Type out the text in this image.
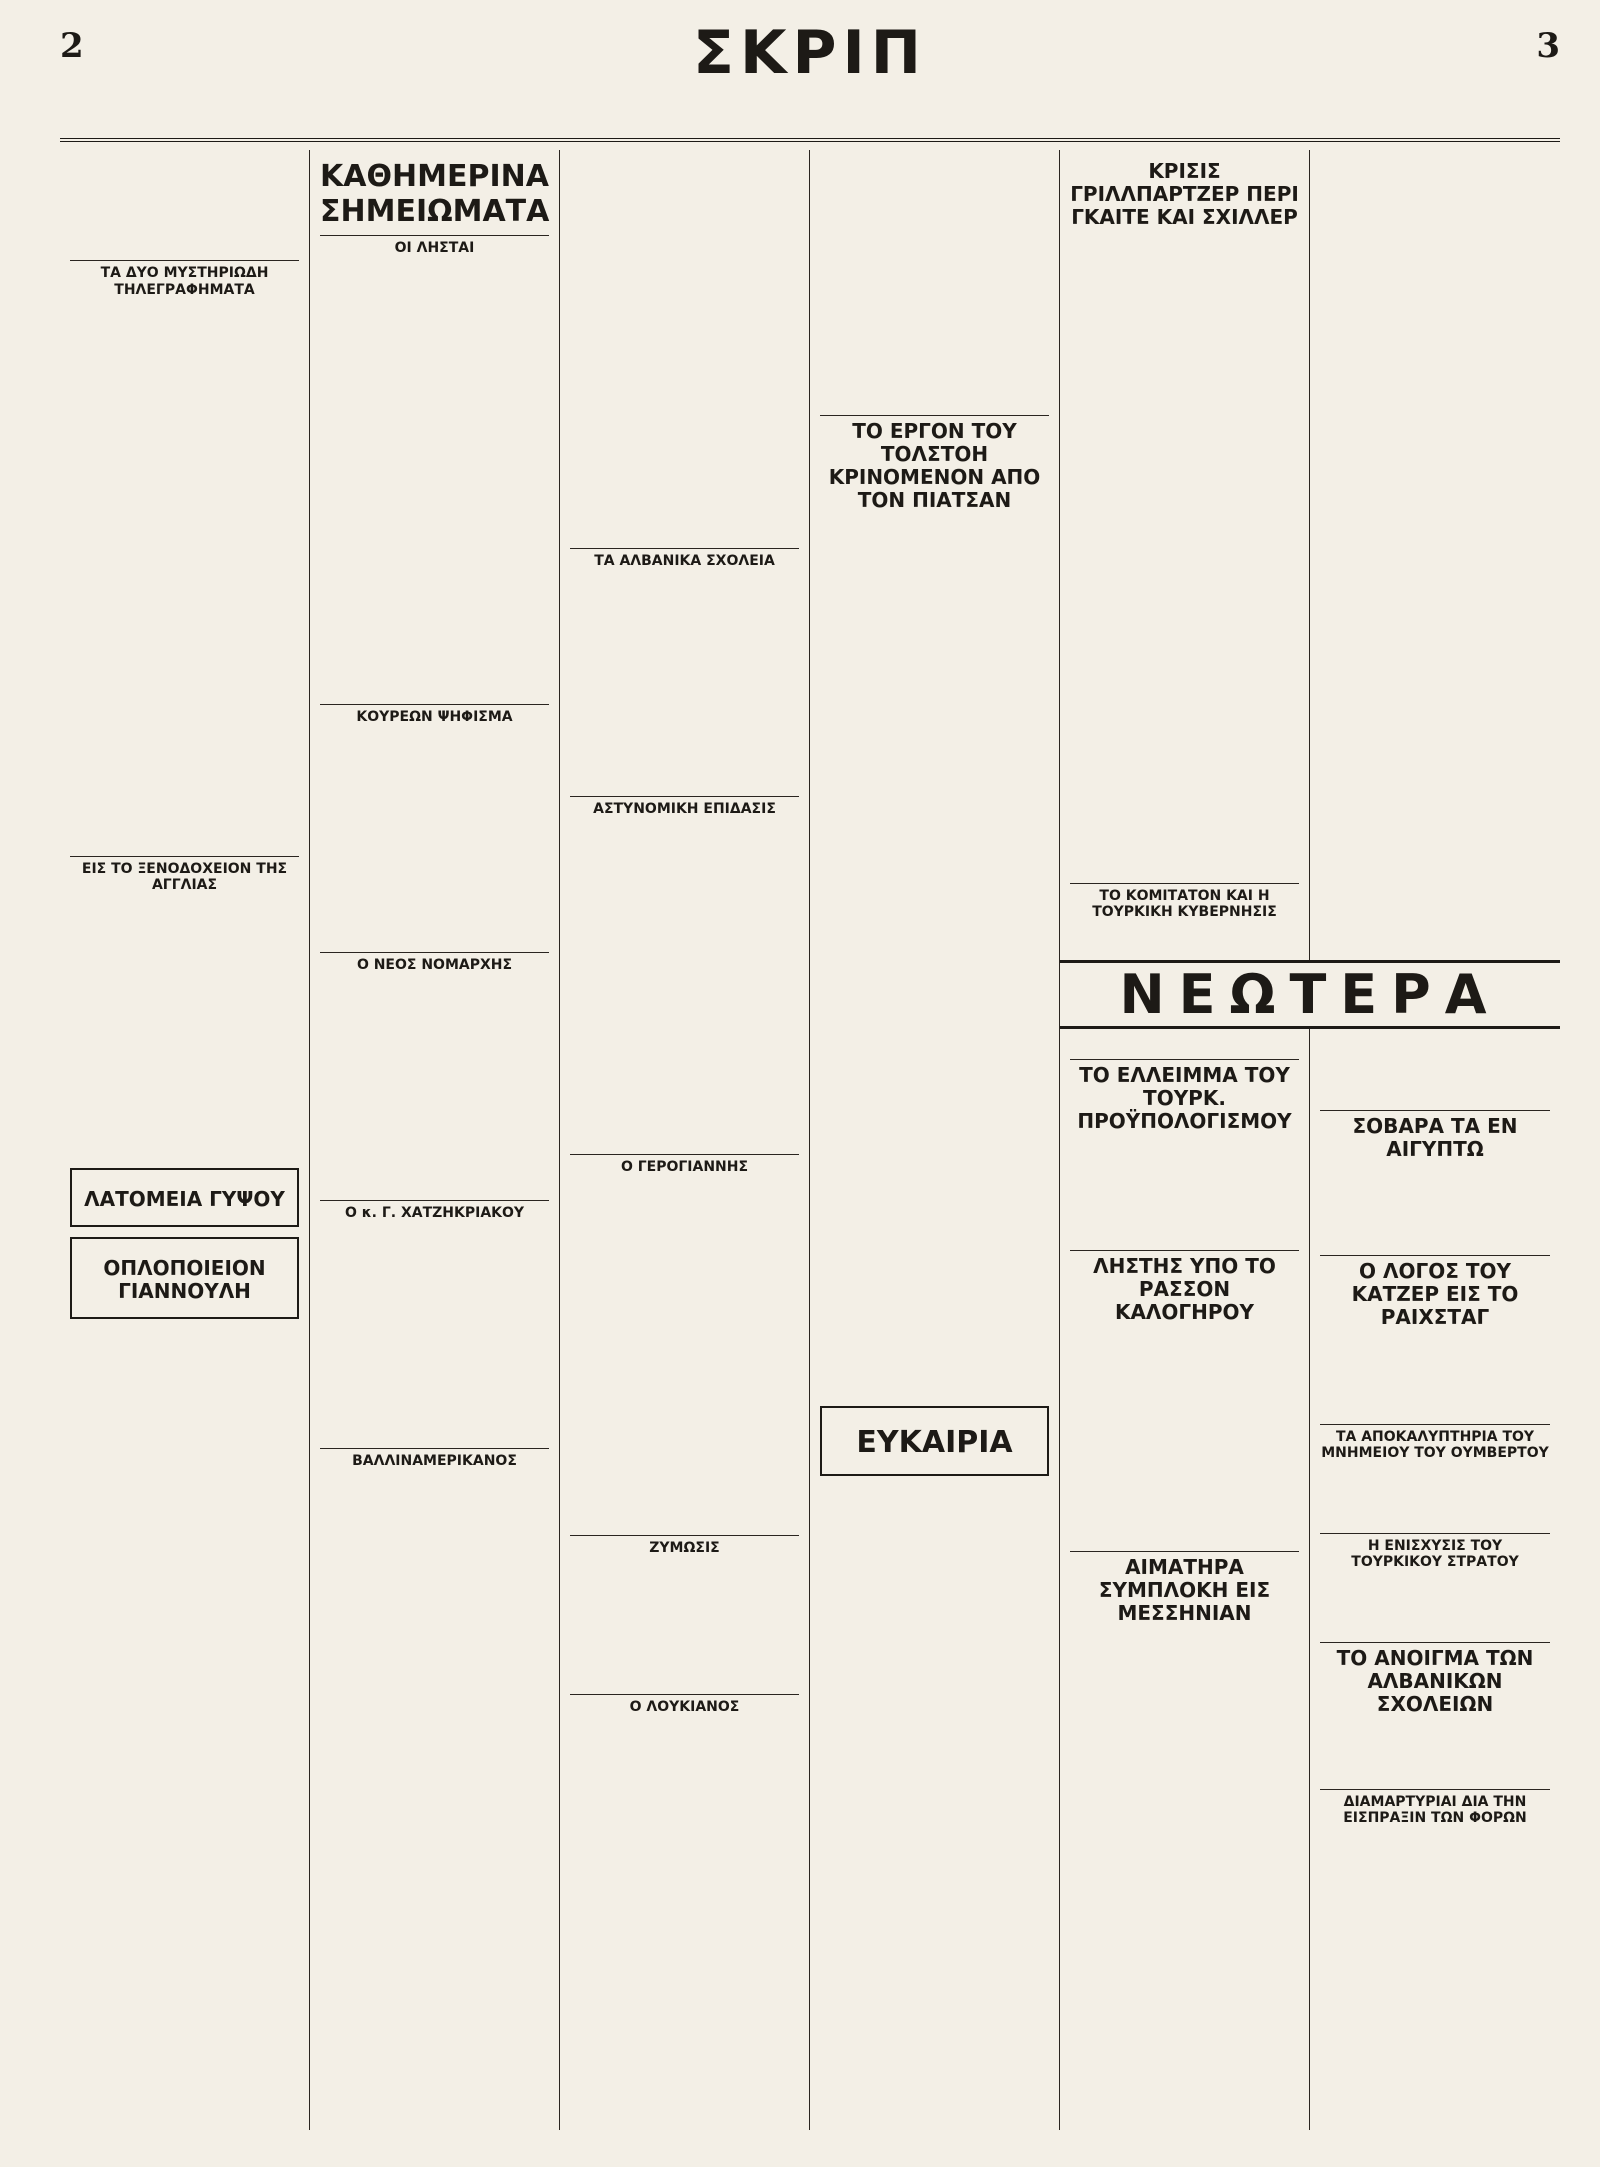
2	ΣΚΡΙΠ	3

ΤΑ ΔΥΟ ΜΥΣΤΗΡΙΩΔΗ ΤΗΛΕΓΡΑΦΗΜΑΤΑ

ΕΙΣ ΤΟ ΞΕΝΟΔΟΧΕΙΟΝ ΤΗΣ ΑΓΓΛΙΑΣ

ΛΑΤΟΜΕΙΑ ΓΥΨΟΥ
ΟΠΛΟΠΟΙΕΙΟΝ ΓΙΑΝΝΟΥΛΗ
ΚΑΘΗΜΕΡΙΝΑ ΣΗΜΕΙΩΜΑΤΑ
ΟΙ ΛΗΣΤΑΙ

ΚΟΥΡΕΩΝ ΨΗΦΙΣΜΑ

Ο ΝΕΟΣ ΝΟΜΑΡΧΗΣ

Ο κ. Γ. ΧΑΤΖΗΚΡΙΑΚΟΥ

ΒΑΛΛΙΝΑΜΕΡΙΚΑΝΟΣ

ΤΑ ΑΛΒΑΝΙΚΑ ΣΧΟΛΕΙΑ

ΑΣΤΥΝΟΜΙΚΗ ΕΠΙΔΑΣΙΣ

Ο ΓΕΡΟΓΙΑΝΝΗΣ

ΖΥΜΩΣΙΣ

Ο ΛΟΥΚΙΑΝΟΣ

ΤΟ ΕΡΓΟΝ ΤΟΥ ΤΟΛΣΤΟΗ ΚΡΙΝΟΜΕΝΟΝ ΑΠΟ ΤΟΝ ΠΙΑΤΣΑΝ

ΕΥΚΑΙΡΙΑ
ΚΡΙΣΙΣ ΓΡΙΛΛΠΑΡΤΖΕΡ ΠΕΡΙ ΓΚΑΙΤΕ ΚΑΙ ΣΧΙΛΛΕΡ

ΤΟ ΚΟΜΙΤΑΤΟΝ ΚΑΙ Η ΤΟΥΡΚΙΚΗ ΚΥΒΕΡΝΗΣΙΣ

ΤΟ ΕΛΛΕΙΜΜΑ ΤΟΥ ΤΟΥΡΚ. ΠΡΟΫΠΟΛΟΓΙΣΜΟΥ

ΛΗΣΤΗΣ ΥΠΟ ΤΟ ΡΑΣΣΟΝ ΚΑΛΟΓΗΡΟΥ

ΑΙΜΑΤΗΡΑ ΣΥΜΠΛΟΚΗ ΕΙΣ ΜΕΣΣΗΝΙΑΝ

ΣΟΒΑΡΑ ΤΑ ΕΝ ΑΙΓΥΠΤΩ

Ο ΛΟΓΟΣ ΤΟΥ ΚΑΤΖΕΡ ΕΙΣ ΤΟ ΡΑΙΧΣΤΑΓ

ΤΑ ΑΠΟΚΑΛΥΠΤΗΡΙΑ ΤΟΥ ΜΝΗΜΕΙΟΥ ΤΟΥ ΟΥΜΒΕΡΤΟΥ

Η ΕΝΙΣΧΥΣΙΣ ΤΟΥ ΤΟΥΡΚΙΚΟΥ ΣΤΡΑΤΟΥ

ΤΟ ΑΝΟΙΓΜΑ ΤΩΝ ΑΛΒΑΝΙΚΩΝ ΣΧΟΛΕΙΩΝ

ΔΙΑΜΑΡΤΥΡΙΑΙ ΔΙΑ ΤΗΝ ΕΙΣΠΡΑΞΙΝ ΤΩΝ ΦΟΡΩΝ
ΝΕΩΤΕΡΑ
